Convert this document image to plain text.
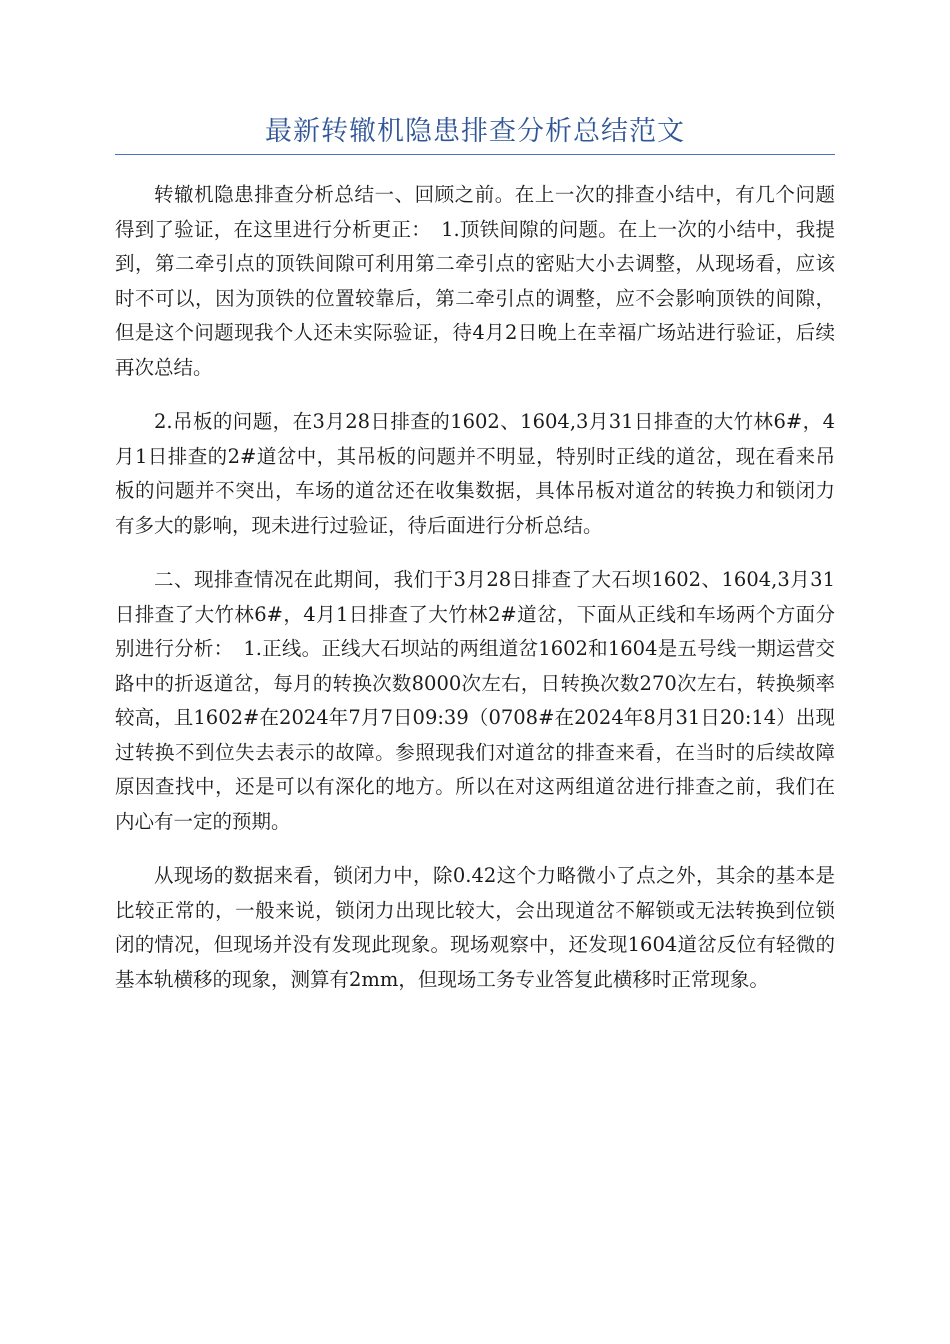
最新转辙机隐患排查分析总结范文

转辙机隐患排查分析总结一、回顾之前。在上一次的排查小结中，有几个问题得到了验证，在这里进行分析更正：　1.顶铁间隙的问题。在上一次的小结中，我提到，第二牵引点的顶铁间隙可利用第二牵引点的密贴大小去调整，从现场看，应该时不可以，因为顶铁的位置较靠后，第二牵引点的调整，应不会影响顶铁的间隙，但是这个问题现我个人还未实际验证，待4月2日晚上在幸福广场站进行验证，后续再次总结。

2.吊板的问题，在3月28日排查的1602、1604,3月31日排查的大竹林6#，4月1日排查的2#道岔中，其吊板的问题并不明显，特别时正线的道岔，现在看来吊板的问题并不突出，车场的道岔还在收集数据，具体吊板对道岔的转换力和锁闭力有多大的影响，现未进行过验证，待后面进行分析总结。

二、现排查情况在此期间，我们于3月28日排查了大石坝1602、1604,3月31日排查了大竹林6#，4月1日排查了大竹林2#道岔，下面从正线和车场两个方面分别进行分析：　1.正线。正线大石坝站的两组道岔1602和1604是五号线一期运营交路中的折返道岔，每月的转换次数8000次左右，日转换次数270次左右，转换频率较高，且1602#在2024年7月7日09:39（0708#在2024年8月31日20:14）出现过转换不到位失去表示的故障。参照现我们对道岔的排查来看，在当时的后续故障原因查找中，还是可以有深化的地方。所以在对这两组道岔进行排查之前，我们在内心有一定的预期。

从现场的数据来看，锁闭力中，除0.42这个力略微小了点之外，其余的基本是比较正常的，一般来说，锁闭力出现比较大，会出现道岔不解锁或无法转换到位锁闭的情况，但现场并没有发现此现象。现场观察中，还发现1604道岔反位有轻微的基本轨横移的现象，测算有2mm，但现场工务专业答复此横移时正常现象。
